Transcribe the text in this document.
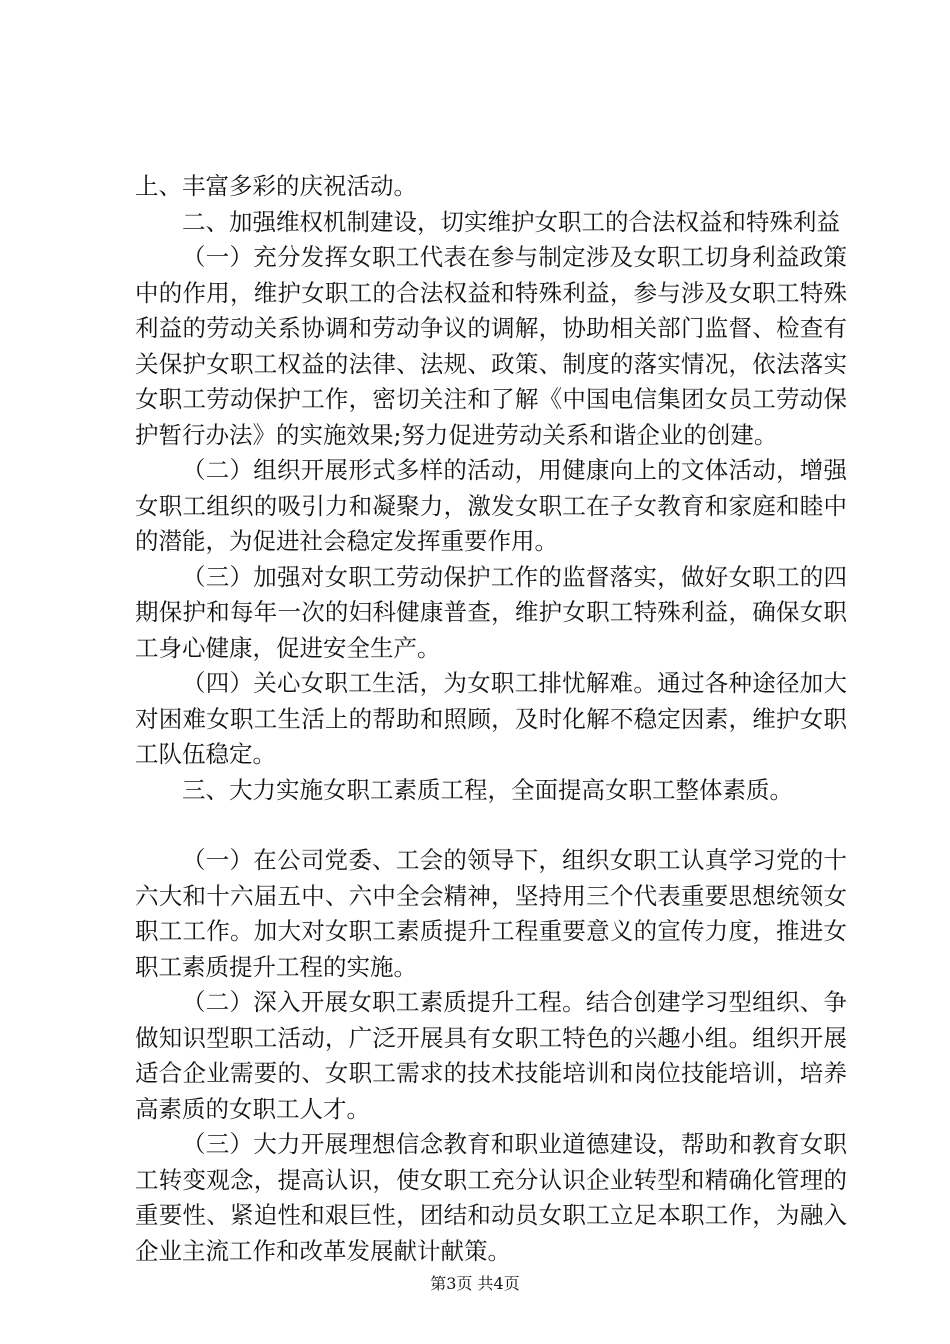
上、丰富多彩的庆祝活动。

二、加强维权机制建设，切实维护女职工的合法权益和特殊利益

（一）充分发挥女职工代表在参与制定涉及女职工切身利益政策中的作用，维护女职工的合法权益和特殊利益，参与涉及女职工特殊利益的劳动关系协调和劳动争议的调解，协助相关部门监督、检查有关保护女职工权益的法律、法规、政策、制度的落实情况，依法落实女职工劳动保护工作，密切关注和了解《中国电信集团女员工劳动保护暂行办法》的实施效果;努力促进劳动关系和谐企业的创建。

（二）组织开展形式多样的活动，用健康向上的文体活动，增强女职工组织的吸引力和凝聚力，激发女职工在子女教育和家庭和睦中的潜能，为促进社会稳定发挥重要作用。

（三）加强对女职工劳动保护工作的监督落实，做好女职工的四期保护和每年一次的妇科健康普查，维护女职工特殊利益，确保女职工身心健康，促进安全生产。

（四）关心女职工生活，为女职工排忧解难。通过各种途径加大对困难女职工生活上的帮助和照顾，及时化解不稳定因素，维护女职工队伍稳定。

三、大力实施女职工素质工程，全面提高女职工整体素质。

（一）在公司党委、工会的领导下，组织女职工认真学习党的十六大和十六届五中、六中全会精神，坚持用三个代表重要思想统领女职工工作。加大对女职工素质提升工程重要意义的宣传力度，推进女职工素质提升工程的实施。

（二）深入开展女职工素质提升工程。结合创建学习型组织、争做知识型职工活动，广泛开展具有女职工特色的兴趣小组。组织开展适合企业需要的、女职工需求的技术技能培训和岗位技能培训，培养高素质的女职工人才。

（三）大力开展理想信念教育和职业道德建设，帮助和教育女职工转变观念，提高认识，使女职工充分认识企业转型和精确化管理的重要性、紧迫性和艰巨性，团结和动员女职工立足本职工作，为融入企业主流工作和改革发展献计献策。

第3页 共4页
